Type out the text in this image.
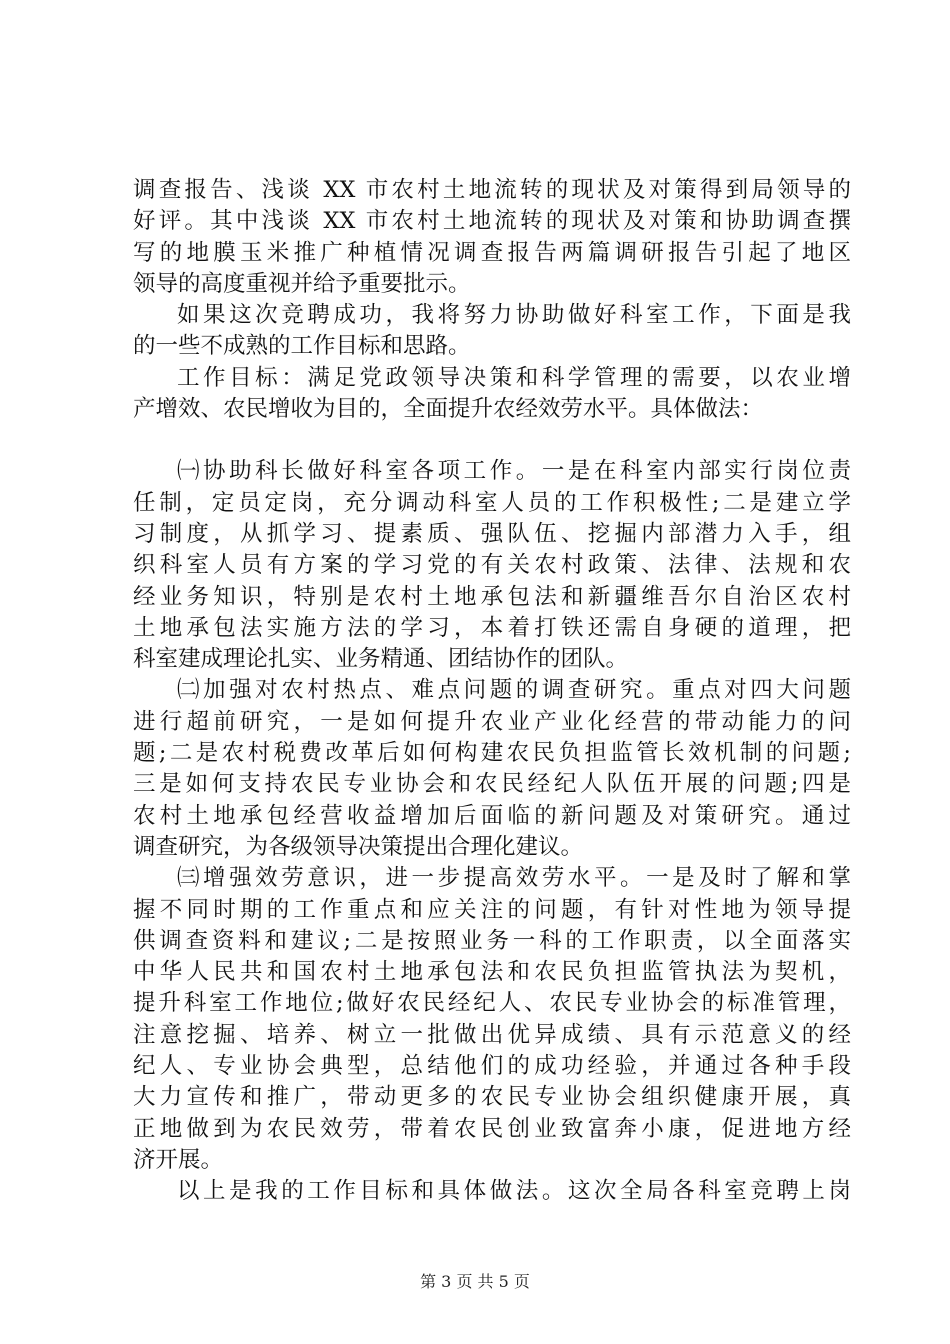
调查报告、浅谈 XX 市农村土地流转的现状及对策得到局领导的
好评。其中浅谈 XX 市农村土地流转的现状及对策和协助调查撰
写的地膜玉米推广种植情况调查报告两篇调研报告引起了地区
领导的高度重视并给予重要批示。
如果这次竞聘成功，我将努力协助做好科室工作，下面是我
的一些不成熟的工作目标和思路。
工作目标：满足党政领导决策和科学管理的需要，以农业增
产增效、农民增收为目的，全面提升农经效劳水平。具体做法：
㈠协助科长做好科室各项工作。一是在科室内部实行岗位责
任制，定员定岗，充分调动科室人员的工作积极性;二是建立学
习制度，从抓学习、提素质、强队伍、挖掘内部潜力入手，组
织科室人员有方案的学习党的有关农村政策、法律、法规和农
经业务知识，特别是农村土地承包法和新疆维吾尔自治区农村
土地承包法实施方法的学习，本着打铁还需自身硬的道理，把
科室建成理论扎实、业务精通、团结协作的团队。
㈡加强对农村热点、难点问题的调查研究。重点对四大问题
进行超前研究，一是如何提升农业产业化经营的带动能力的问
题;二是农村税费改革后如何构建农民负担监管长效机制的问题;
三是如何支持农民专业协会和农民经纪人队伍开展的问题;四是
农村土地承包经营收益增加后面临的新问题及对策研究。通过
调查研究，为各级领导决策提出合理化建议。
㈢增强效劳意识，进一步提高效劳水平。一是及时了解和掌
握不同时期的工作重点和应关注的问题，有针对性地为领导提
供调查资料和建议;二是按照业务一科的工作职责，以全面落实
中华人民共和国农村土地承包法和农民负担监管执法为契机，
提升科室工作地位;做好农民经纪人、农民专业协会的标准管理，
注意挖掘、培养、树立一批做出优异成绩、具有示范意义的经
纪人、专业协会典型，总结他们的成功经验，并通过各种手段
大力宣传和推广，带动更多的农民专业协会组织健康开展，真
正地做到为农民效劳，带着农民创业致富奔小康，促进地方经
济开展。
以上是我的工作目标和具体做法。这次全局各科室竞聘上岗
第 3 页 共 5 页
